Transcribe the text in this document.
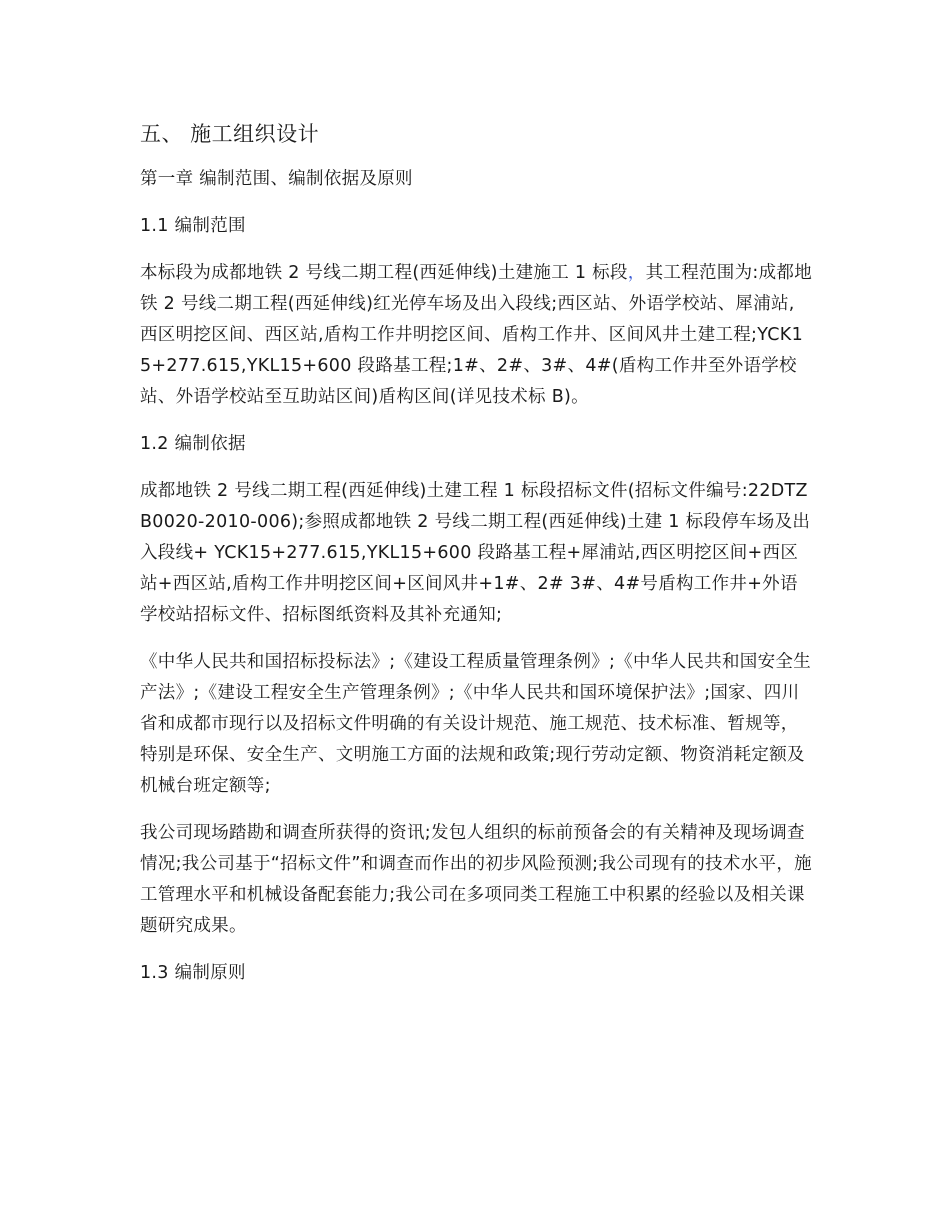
五、 施工组织设计
第一章 编制范围、编制依据及原则
1.1 编制范围
本标段为成都地铁 2 号线二期工程(西延伸线)土建施工 1 标段，其工程范围为:成都地铁 2 号线二期工程(西延伸线)红光停车场及出入段线;西区站、外语学校站、犀浦站,西区明挖区间、西区站,盾构工作井明挖区间、盾构工作井、区间风井土建工程;YCK15+277.615,YKL15+600 段路基工程;1#、2#、3#、4#(盾构工作井至外语学校站、外语学校站至互助站区间)盾构区间(详见技术标 B)。
1.2 编制依据
成都地铁 2 号线二期工程(西延伸线)土建工程 1 标段招标文件(招标文件编号:22DTZB0020-2010-006);参照成都地铁 2 号线二期工程(西延伸线)土建 1 标段停车场及出入段线+ YCK15+277.615,YKL15+600 段路基工程+犀浦站,西区明挖区间+西区站+西区站,盾构工作井明挖区间+区间风井+1#、2# 3#、4#号盾构工作井+外语学校站招标文件、招标图纸资料及其补充通知;
《中华人民共和国招标投标法》;《建设工程质量管理条例》;《中华人民共和国安全生产法》;《建设工程安全生产管理条例》;《中华人民共和国环境保护法》;国家、四川省和成都市现行以及招标文件明确的有关设计规范、施工规范、技术标准、暂规等，特别是环保、安全生产、文明施工方面的法规和政策;现行劳动定额、物资消耗定额及机械台班定额等;
我公司现场踏勘和调查所获得的资讯;发包人组织的标前预备会的有关精神及现场调查情况;我公司基于“招标文件”和调查而作出的初步风险预测;我公司现有的技术水平，施工管理水平和机械设备配套能力;我公司在多项同类工程施工中积累的经验以及相关课题研究成果。
1.3 编制原则
